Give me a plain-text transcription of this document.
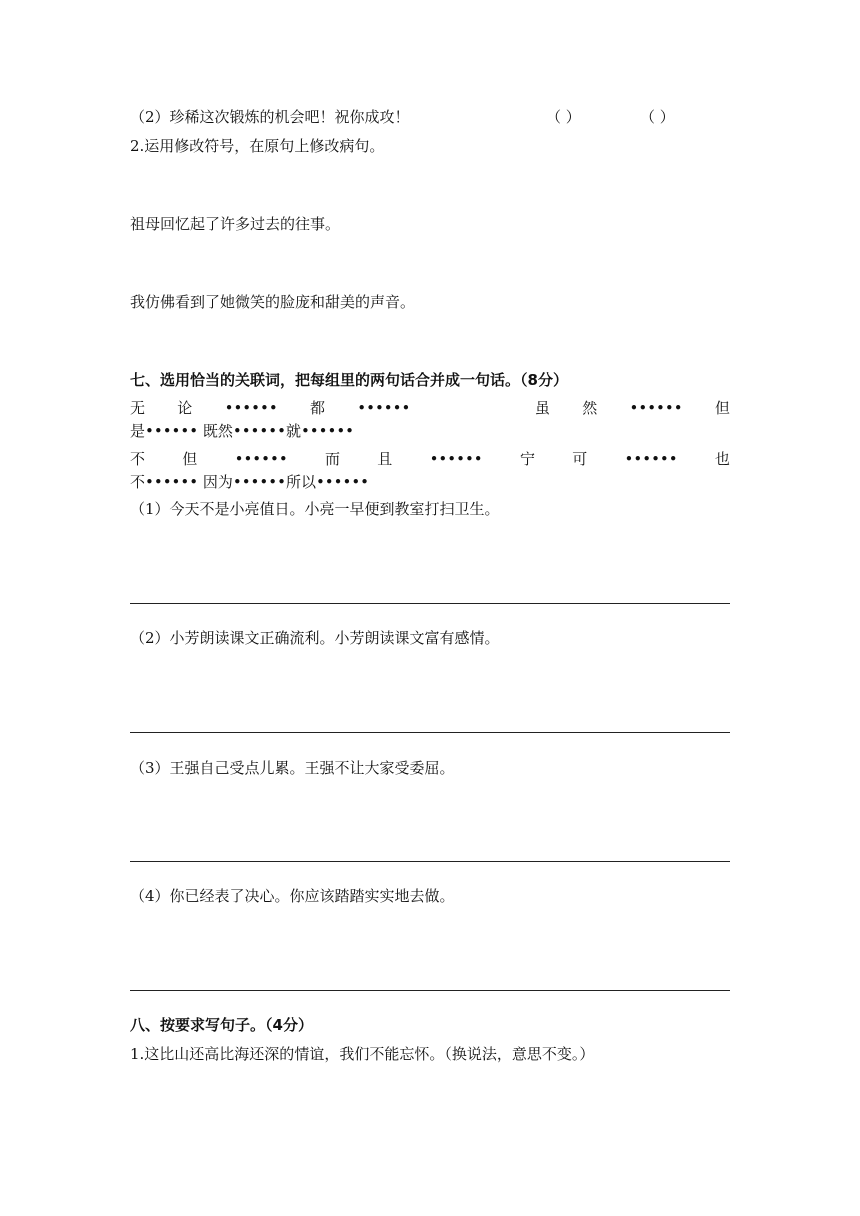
（2）珍稀这次锻炼的机会吧！祝你成攻！	（ ）	（ ）
2.运用修改符号，在原句上修改病句。
祖母回忆起了许多过去的往事。
我仿佛看到了她微笑的脸庞和甜美的声音。
七、选用恰当的关联词，把每组里的两句话合并成一句话。（8分）
无 论 •••••• 都 ••••••	虽 然 •••••• 但
是•••••• 既然••••••就••••••
不 但 •••••• 而 且 •••••• 宁 可 •••••• 也
不•••••• 因为••••••所以••••••
（1）今天不是小亮值日。小亮一早便到教室打扫卫生。
（2）小芳朗读课文正确流利。小芳朗读课文富有感情。
（3）王强自己受点儿累。王强不让大家受委屈。
（4）你已经表了决心。你应该踏踏实实地去做。
八、按要求写句子。（4分）
1.这比山还高比海还深的情谊，我们不能忘怀。（换说法，意思不变。）
